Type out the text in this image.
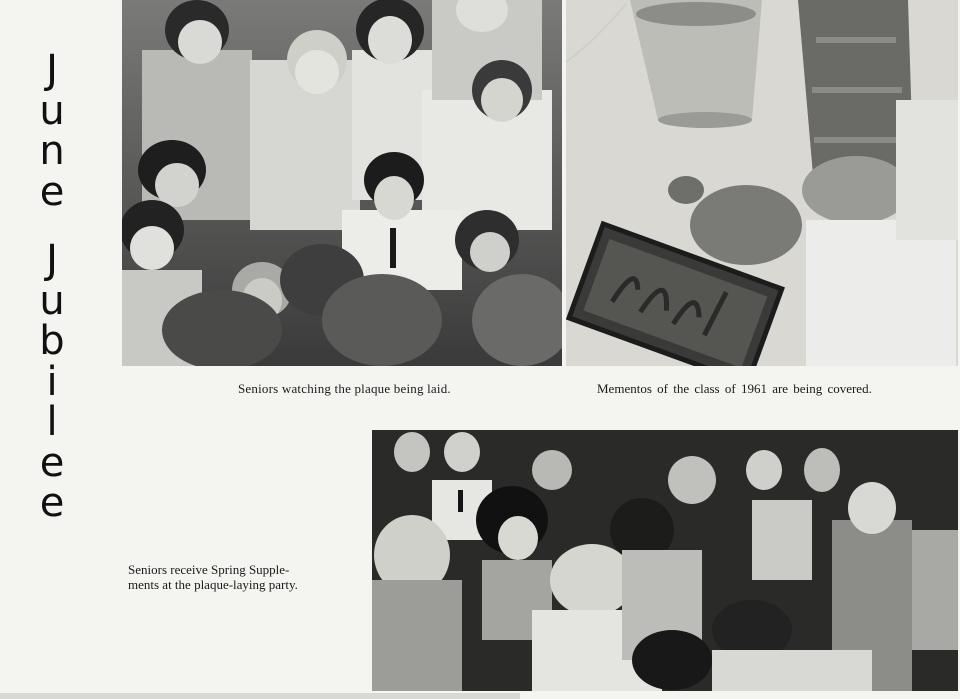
J
u
n
e
J
u
b
i
l
e
e
Seniors watching the plaque being laid.	Mementos of the class of 1961 are being covered.
Seniors receive Spring Supple-
ments at the plaque-laying party.
